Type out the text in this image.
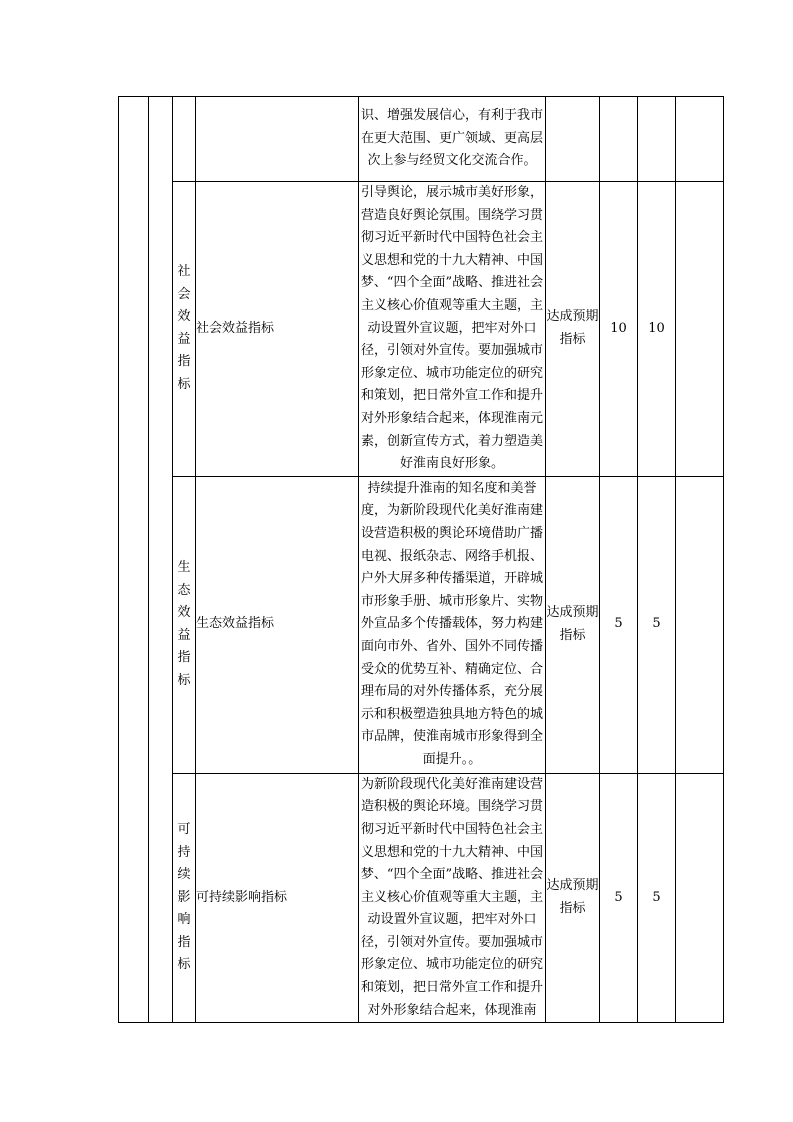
				识、增强发展信心，有利于我市在更大范围、更广领域、更高层次上参与经贸文化交流合作。				
		社会效益指标	社会效益指标	引导舆论，展示城市美好形象，营造良好舆论氛围。围绕学习贯彻习近平新时代中国特色社会主义思想和党的十九大精神、中国梦、“四个全面”战略、推进社会主义核心价值观等重大主题，主动设置外宣议题，把牢对外口径，引领对外宣传。要加强城市形象定位、城市功能定位的研究和策划，把日常外宣工作和提升对外形象结合起来，体现淮南元素，创新宣传方式，着力塑造美好淮南良好形象。	达成预期指标	10	10	
		生态效益指标	生态效益指标	持续提升淮南的知名度和美誉度，为新阶段现代化美好淮南建设营造积极的舆论环境借助广播电视、报纸杂志、网络手机报、户外大屏多种传播渠道，开辟城市形象手册、城市形象片、实物外宣品多个传播载体，努力构建面向市外、省外、国外不同传播受众的优势互补、精确定位、合理布局的对外传播体系，充分展示和积极塑造独具地方特色的城市品牌，使淮南城市形象得到全面提升。。	达成预期指标	5	5	
		可持续影响指标	可持续影响指标	为新阶段现代化美好淮南建设营造积极的舆论环境。围绕学习贯彻习近平新时代中国特色社会主义思想和党的十九大精神、中国梦、“四个全面”战略、推进社会主义核心价值观等重大主题，主动设置外宣议题，把牢对外口径，引领对外宣传。要加强城市形象定位、城市功能定位的研究和策划，把日常外宣工作和提升对外形象结合起来，体现淮南	达成预期指标	5	5	
